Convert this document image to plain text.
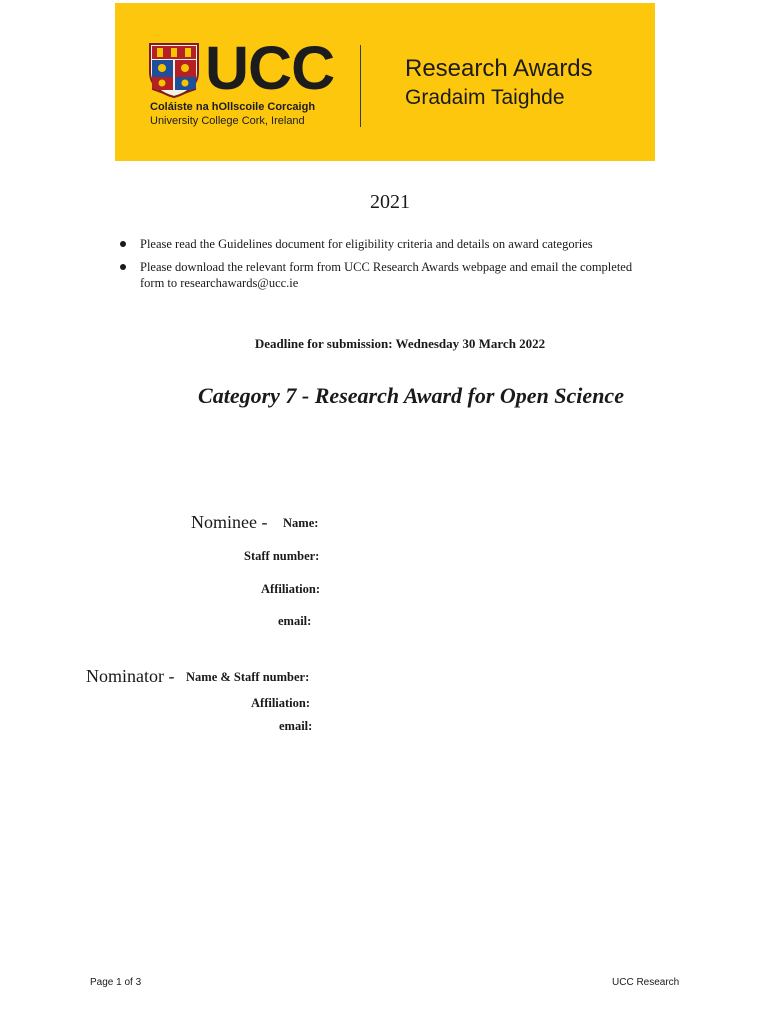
UCC
Coláiste na hOllscoile Corcaigh
University College Cork, Ireland
Research Awards
Gradaim Taighde
2021
Please read the Guidelines document for eligibility criteria and details on award categories
Please download the relevant form from UCC Research Awards webpage and email the completed form to researchawards@ucc.ie
Deadline for submission: Wednesday 30 March 2022
Category 7 - Research Award for Open Science
Nominee - Name:
Staff number:
Affiliation:
email:
Nominator - Name & Staff number:
Affiliation:
email:
Page 1 of 3	UCC Research
